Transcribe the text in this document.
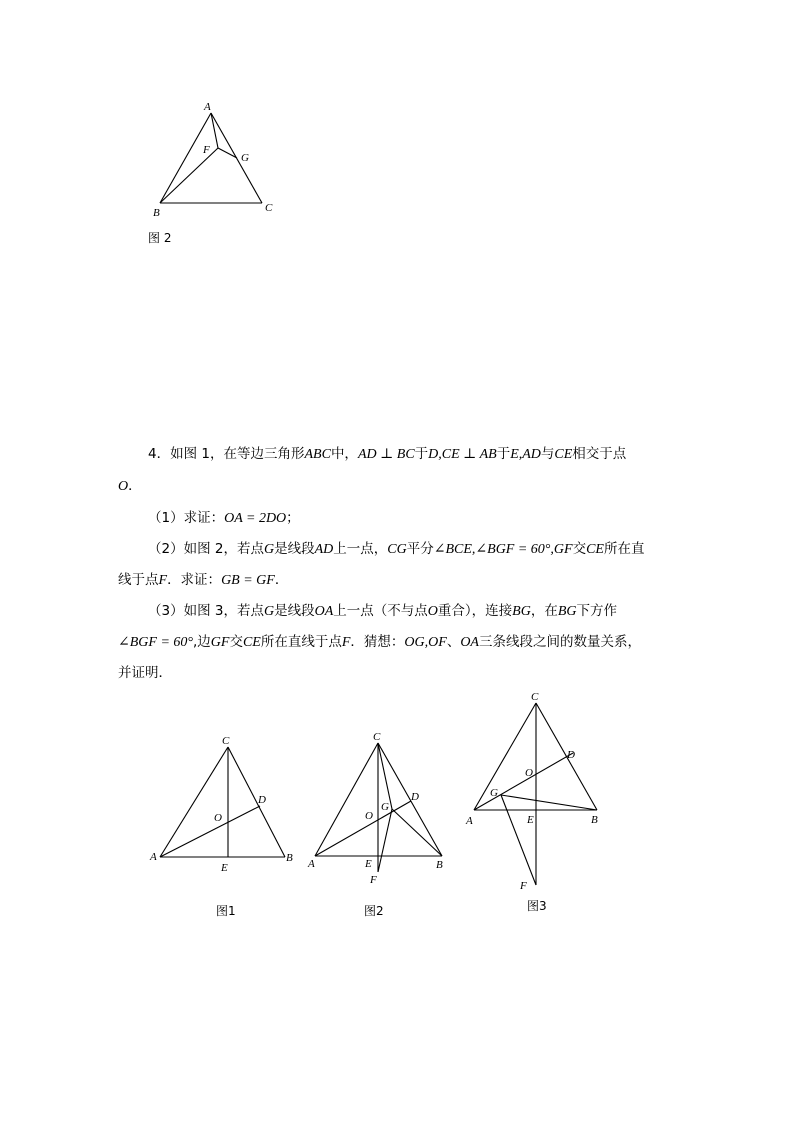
A
B	C
F
G
图 2
4．如图 1，在等边三角形ABC中，AD ⊥ BC于D,CE ⊥ AB于E,AD与CE相交于点
O．
（1）求证：OA = 2DO；
（2）如图 2，若点G是线段AD上一点，CG平分∠BCE,∠BGF = 60°,GF交CE所在直
线于点F．求证：GB = GF．
（3）如图 3，若点G是线段OA上一点（不与点O重合），连接BG，在BG下方作
∠BGF = 60°,边GF交CE所在直线于点F．猜想：OG,OF、OA三条线段之间的数量关系，
并证明．
C
D
O
A
E
B
图1
C
D
G
O
A	E	B
F
图2
C
D
O
G
A	E	B
F
图3
